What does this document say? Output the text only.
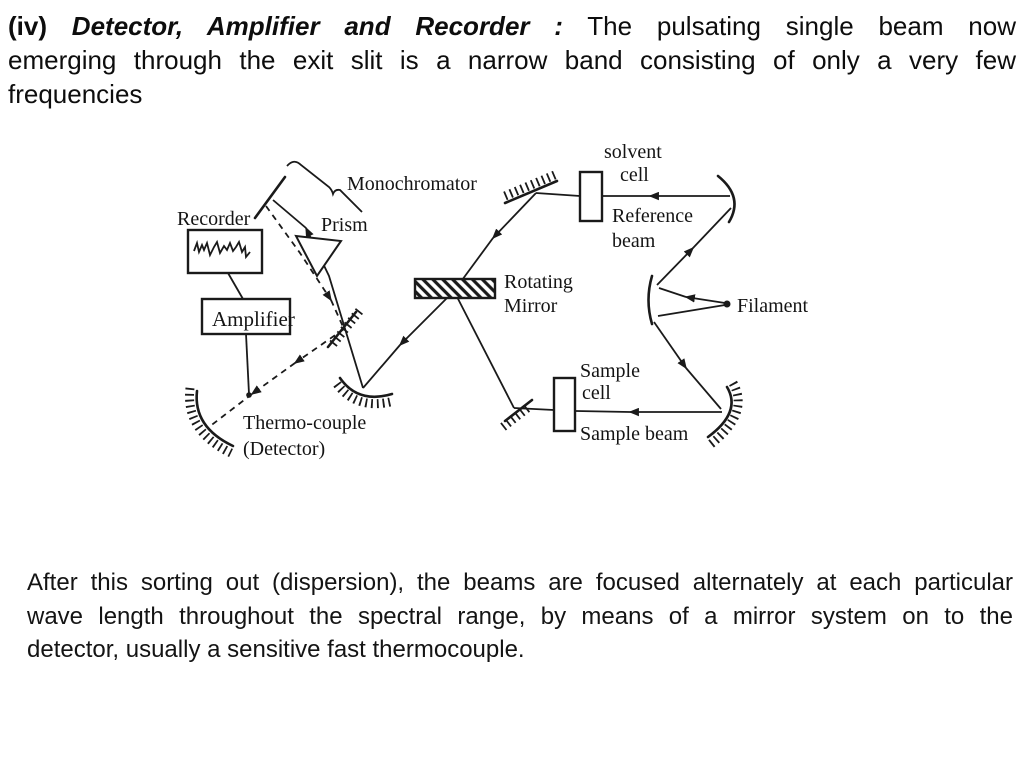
Recorder
Monochromator
Prism
Amplifier
Rotating
Mirror
solvent
cell
Reference
beam
Filament
Sample
cell
Sample beam
Thermo-couple
(Detector)
(iv) Detector, Amplifier and Recorder : The pulsating single beam now
emerging through the exit slit is a narrow band consisting of only a very few
frequencies
After this sorting out (dispersion), the beams are focused alternately at each particular
wave length throughout the spectral range, by means of a mirror system on to the
detector, usually a sensitive fast thermocouple.
